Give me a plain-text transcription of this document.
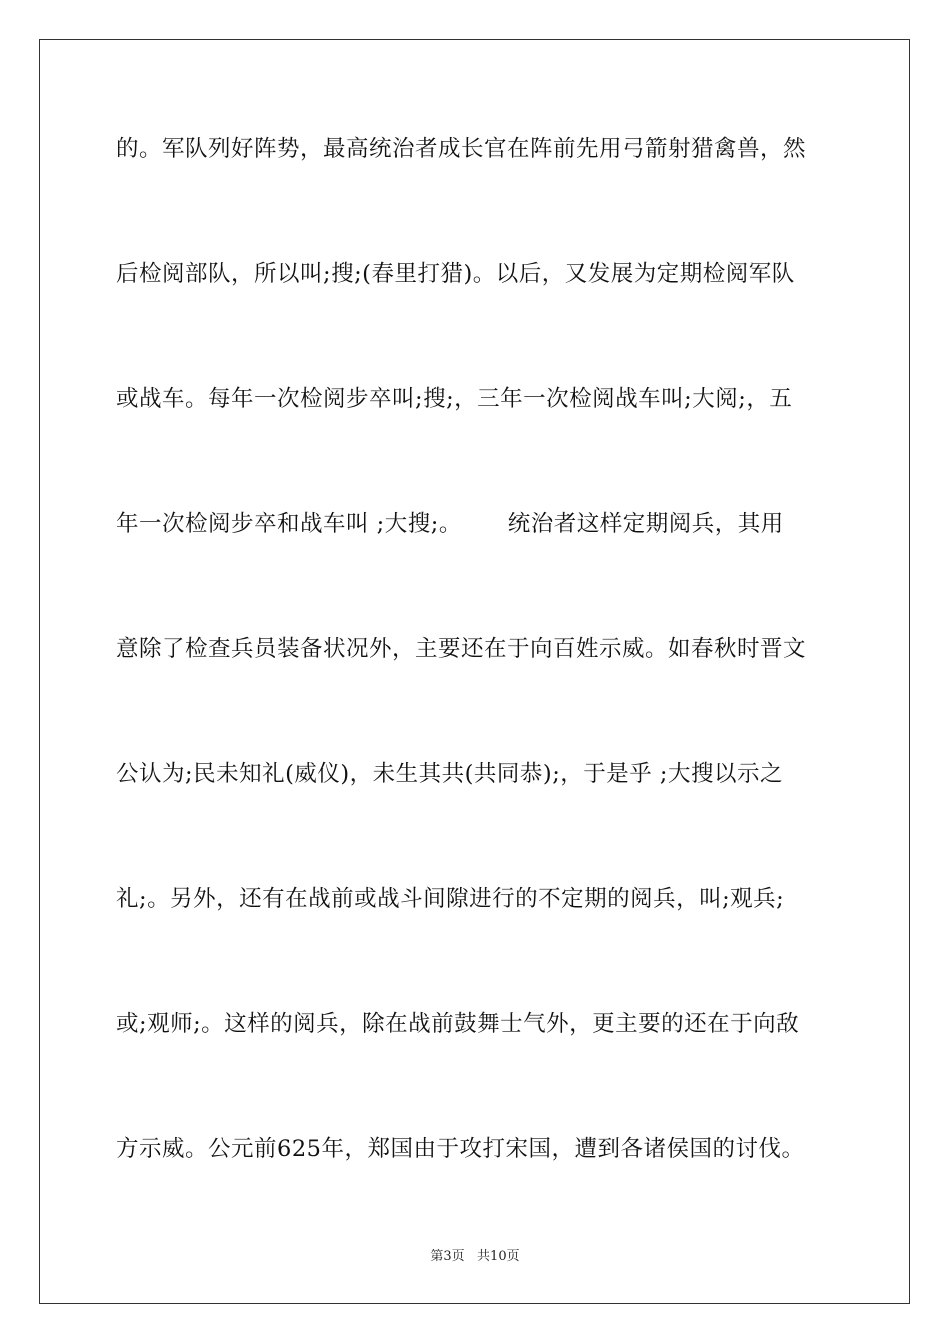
的。军队列好阵势，最高统治者成长官在阵前先用弓箭射猎禽兽，然
后检阅部队，所以叫;搜;(春里打猎)。以后，又发展为定期检阅军队
或战车。每年一次检阅步卒叫;搜;，三年一次检阅战车叫;大阅;，五
年一次检阅步卒和战车叫 ;大搜;。      统治者这样定期阅兵，其用
意除了检查兵员装备状况外，主要还在于向百姓示威。如春秋时晋文
公认为;民未知礼(威仪)，未生其共(共同恭);，于是乎 ;大搜以示之
礼;。另外，还有在战前或战斗间隙进行的不定期的阅兵，叫;观兵;
或;观师;。这样的阅兵，除在战前鼓舞士气外，更主要的还在于向敌
方示威。公元前625年，郑国由于攻打宋国，遭到各诸侯国的讨伐。
第3页   共10页
